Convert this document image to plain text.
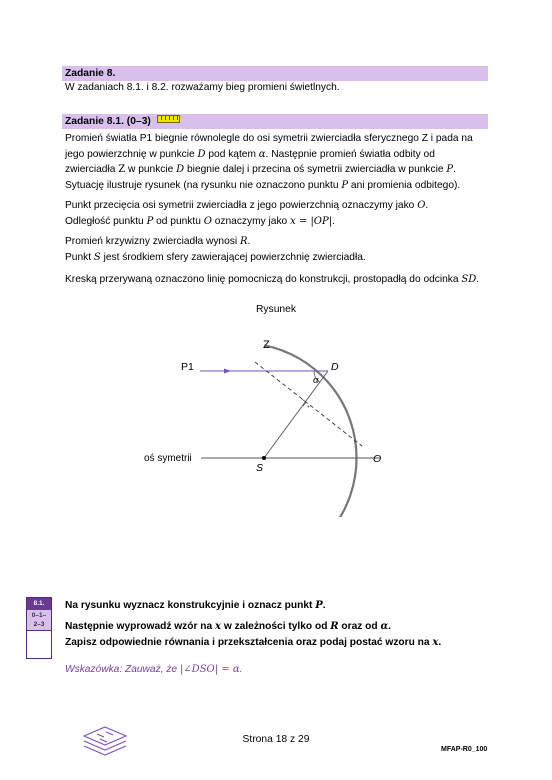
Zadanie 8.
W zadaniach 8.1. i 8.2. rozważamy bieg promieni świetlnych.
Zadanie 8.1. (0–3)
Promień światła P1 biegnie równolegle do osi symetrii zwierciadła sferycznego Z i pada na
jego powierzchnię w punkcie D pod kątem α. Następnie promień światła odbity od
zwierciadła Z w punkcie D biegnie dalej i przecina oś symetrii zwierciadła w punkcie P.
Sytuację ilustruje rysunek (na rysunku nie oznaczono punktu P ani promienia odbitego).
Punkt przecięcia osi symetrii zwierciadła z jego powierzchnią oznaczymy jako O.
Odległość punktu P od punktu O oznaczymy jako x = |OP|.
Promień krzywizny zwierciadła wynosi R.
Punkt S jest środkiem sfery zawierającej powierzchnię zwierciadła.
Kreską przerywaną oznaczono linię pomocniczą do konstrukcji, prostopadłą do odcinka SD.
Rysunek
Z
P1	D
α
oś symetrii
S
O
8.1.
0–1–
2–3
Na rysunku wyznacz konstrukcyjnie i oznacz punkt P.
Następnie wyprowadź wzór na x w zależności tylko od R oraz od α.
Zapisz odpowiednie równania i przekształcenia oraz podaj postać wzoru na x.
Wskazówka: Zauważ, że |∠DSO| = α.
Strona 18 z 29
MFAP-R0_100
